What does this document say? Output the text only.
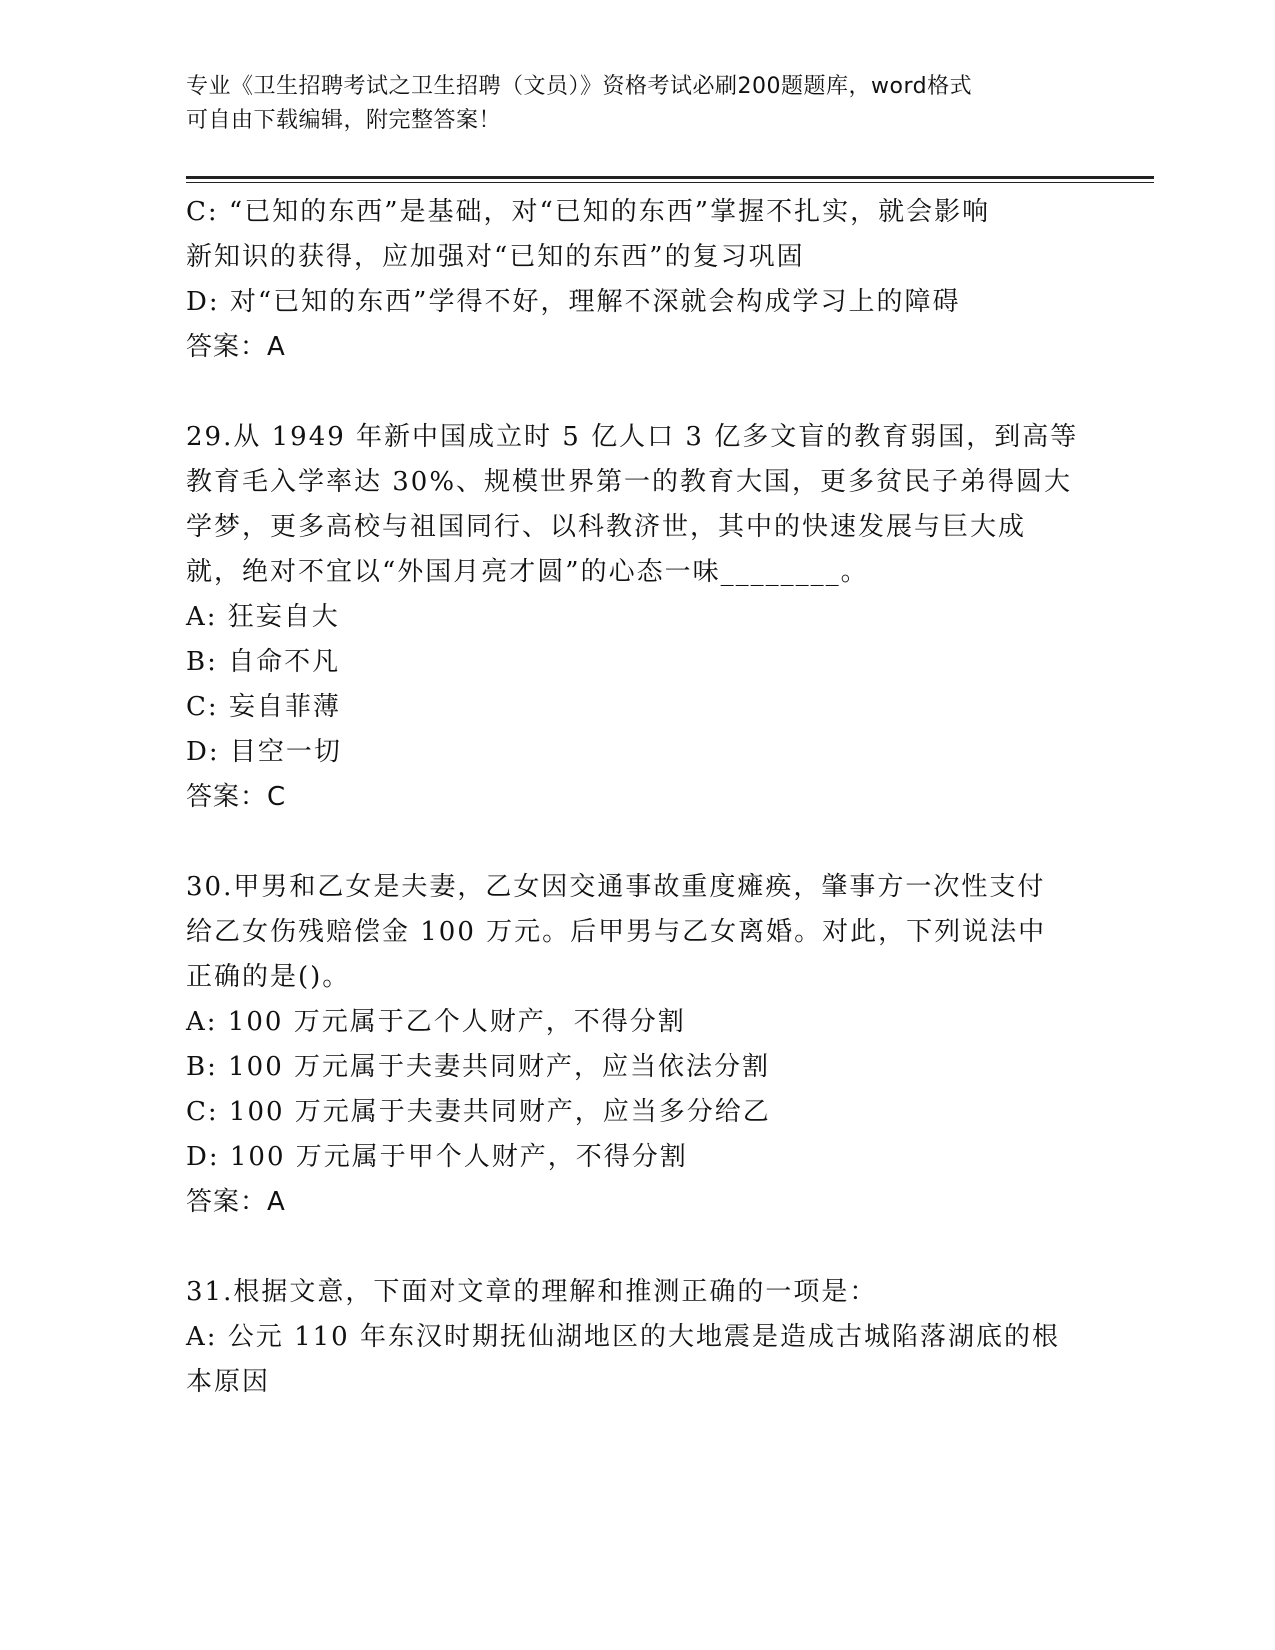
专业《卫生招聘考试之卫生招聘（文员）》资格考试必刷200题题库，word格式
可自由下载编辑，附完整答案！

C: “已知的东西”是基础，对“已知的东西”掌握不扎实，就会影响

新知识的获得，应加强对“已知的东西”的复习巩固

D: 对“已知的东西”学得不好，理解不深就会构成学习上的障碍

答案：A

29.从 1949 年新中国成立时 5 亿人口 3 亿多文盲的教育弱国，到高等

教育毛入学率达 30%、规模世界第一的教育大国，更多贫民子弟得圆大

学梦，更多高校与祖国同行、以科教济世，其中的快速发展与巨大成

就，绝对不宜以“外国月亮才圆”的心态一味________。

A: 狂妄自大

B: 自命不凡

C: 妄自菲薄

D: 目空一切

答案：C

30.甲男和乙女是夫妻，乙女因交通事故重度瘫痪，肇事方一次性支付

给乙女伤残赔偿金 100 万元。后甲男与乙女离婚。对此，下列说法中

正确的是()。

A: 100 万元属于乙个人财产，不得分割

B: 100 万元属于夫妻共同财产，应当依法分割

C: 100 万元属于夫妻共同财产，应当多分给乙

D: 100 万元属于甲个人财产，不得分割

答案：A

31.根据文意，下面对文章的理解和推测正确的一项是：

A: 公元 110 年东汉时期抚仙湖地区的大地震是造成古城陷落湖底的根

本原因
